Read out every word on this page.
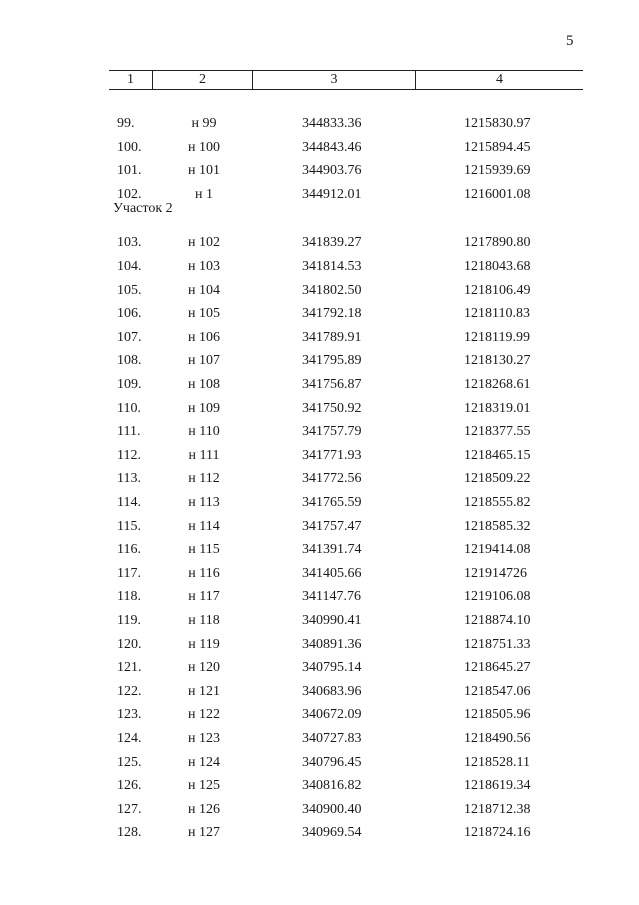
5
1	2	3	4
Участок 2
99.	н 99	344833.36	1215830.97
100.	н 100	344843.46	1215894.45
101.	н 101	344903.76	1215939.69
102.	н 1	344912.01	1216001.08
103.	н 102	341839.27	1217890.80
104.	н 103	341814.53	1218043.68
105.	н 104	341802.50	1218106.49
106.	н 105	341792.18	1218110.83
107.	н 106	341789.91	1218119.99
108.	н 107	341795.89	1218130.27
109.	н 108	341756.87	1218268.61
110.	н 109	341750.92	1218319.01
111.	н 110	341757.79	1218377.55
112.	н 111	341771.93	1218465.15
113.	н 112	341772.56	1218509.22
114.	н 113	341765.59	1218555.82
115.	н 114	341757.47	1218585.32
116.	н 115	341391.74	1219414.08
117.	н 116	341405.66	121914726
118.	н 117	341147.76	1219106.08
119.	н 118	340990.41	1218874.10
120.	н 119	340891.36	1218751.33
121.	н 120	340795.14	1218645.27
122.	н 121	340683.96	1218547.06
123.	н 122	340672.09	1218505.96
124.	н 123	340727.83	1218490.56
125.	н 124	340796.45	1218528.11
126.	н 125	340816.82	1218619.34
127.	н 126	340900.40	1218712.38
128.	н 127	340969.54	1218724.16
